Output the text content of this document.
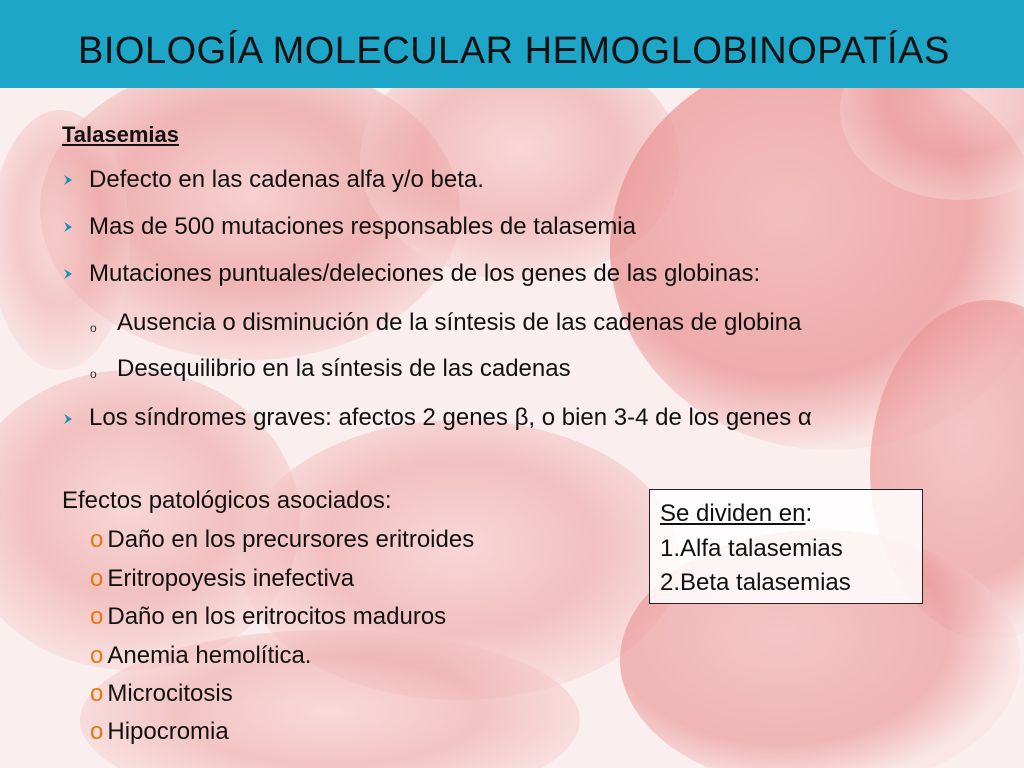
BIOLOGÍA MOLECULAR HEMOGLOBINOPATÍAS
Talasemias
Defecto en las cadenas alfa y/o beta.
Mas de 500 mutaciones responsables de talasemia
Mutaciones puntuales/deleciones de los genes de las globinas:
o Ausencia o disminución de la síntesis de las cadenas de globina
o Desequilibrio en la síntesis de las cadenas
Los síndromes graves: afectos 2 genes β, o bien 3-4 de los genes α
Efectos patológicos asociados:
o Daño en los precursores eritroides
o Eritropoyesis inefectiva
o Daño en los eritrocitos maduros
o Anemia hemolítica.
o Microcitosis
o Hipocromia
Se dividen en:
1.Alfa talasemias
2.Beta talasemias
